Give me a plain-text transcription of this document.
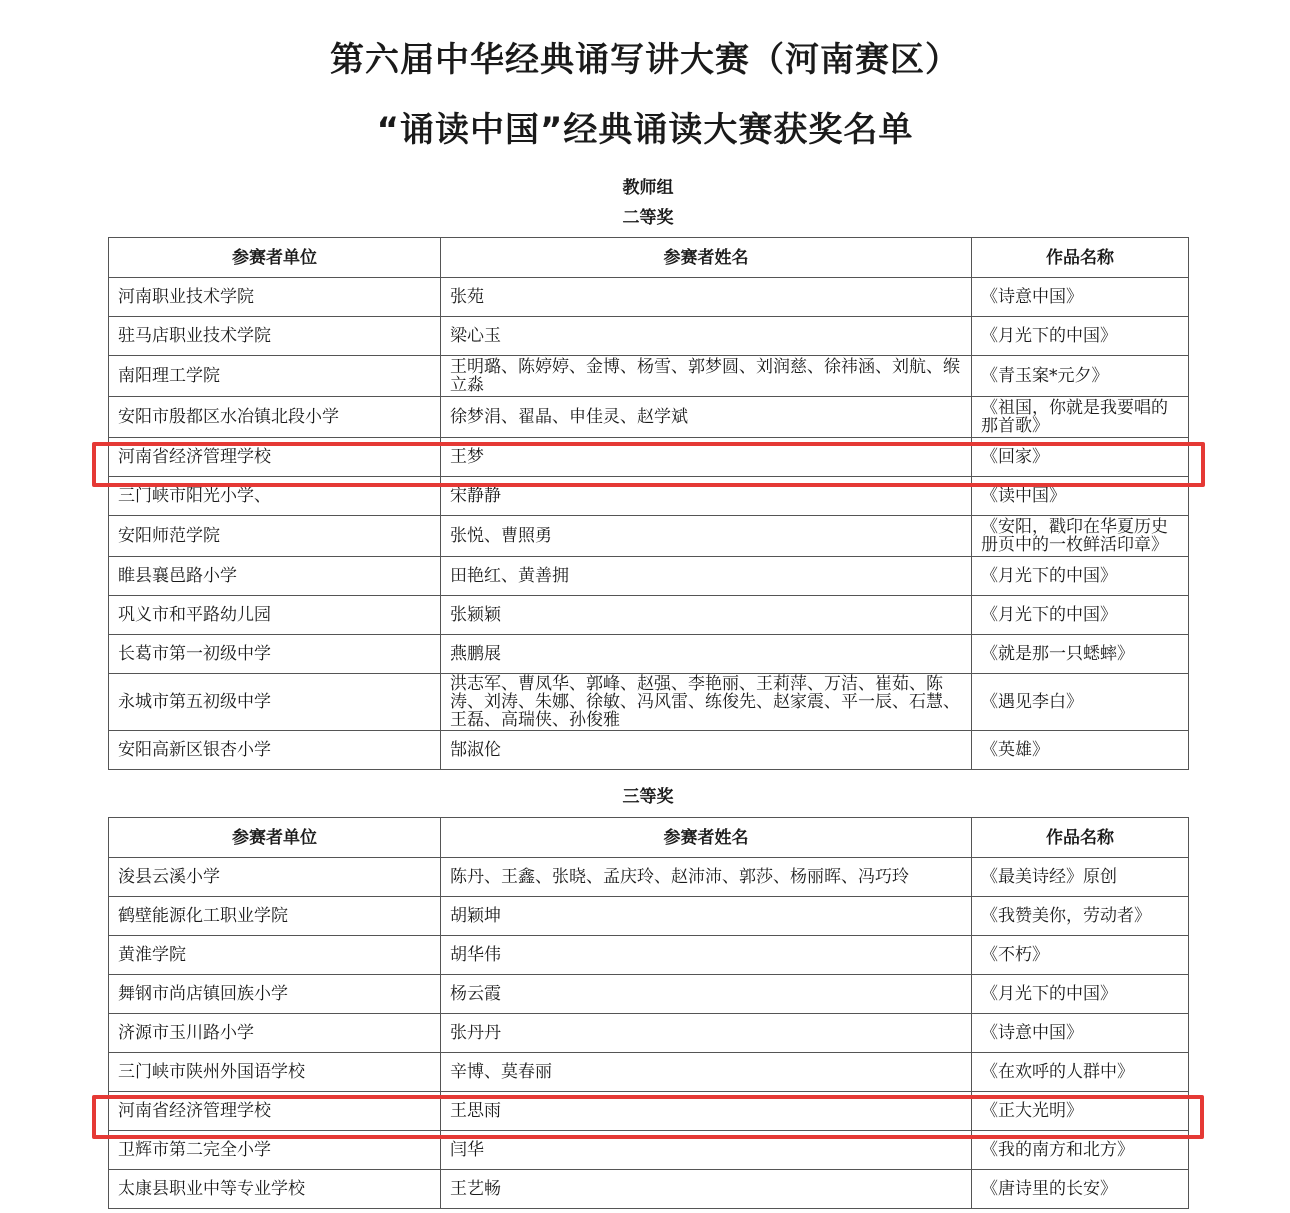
第六届中华经典诵写讲大赛（河南赛区）
“诵读中国”经典诵读大赛获奖名单
教师组
二等奖
参赛者单位	参赛者姓名	作品名称
河南职业技术学院	张苑	《诗意中国》
驻马店职业技术学院	梁心玉	《月光下的中国》
南阳理工学院	王明璐、陈婷婷、金博、杨雪、郭梦圆、刘润慈、徐祎涵、刘航、缑立淼	《青玉案*元夕》
安阳市殷都区水冶镇北段小学	徐梦涓、翟晶、申佳灵、赵学斌	《祖国，你就是我要唱的那首歌》
河南省经济管理学校	王梦	《回家》
三门峡市阳光小学、	宋静静	《读中国》
安阳师范学院	张悦、曹照勇	《安阳，戳印在华夏历史册页中的一枚鲜活印章》
睢县襄邑路小学	田艳红、黄善拥	《月光下的中国》
巩义市和平路幼儿园	张颍颖	《月光下的中国》
长葛市第一初级中学	燕鹏展	《就是那一只蟋蟀》
永城市第五初级中学	洪志军、曹凤华、郭峰、赵强、李艳丽、王莉萍、万洁、崔茹、陈涛、刘涛、朱娜、徐敏、冯风雷、练俊先、赵家震、平一辰、石慧、王磊、高瑞侠、孙俊雅	《遇见李白》
安阳高新区银杏小学	郜淑伦	《英雄》
三等奖
参赛者单位	参赛者姓名	作品名称
浚县云溪小学	陈丹、王鑫、张晓、孟庆玲、赵沛沛、郭莎、杨丽晖、冯巧玲	《最美诗经》原创
鹤壁能源化工职业学院	胡颖坤	《我赞美你，劳动者》
黄淮学院	胡华伟	《不朽》
舞钢市尚店镇回族小学	杨云霞	《月光下的中国》
济源市玉川路小学	张丹丹	《诗意中国》
三门峡市陕州外国语学校	辛博、莫春丽	《在欢呼的人群中》
河南省经济管理学校	王思雨	《正大光明》
卫辉市第二完全小学	闫华	《我的南方和北方》
太康县职业中等专业学校	王艺畅	《唐诗里的长安》
